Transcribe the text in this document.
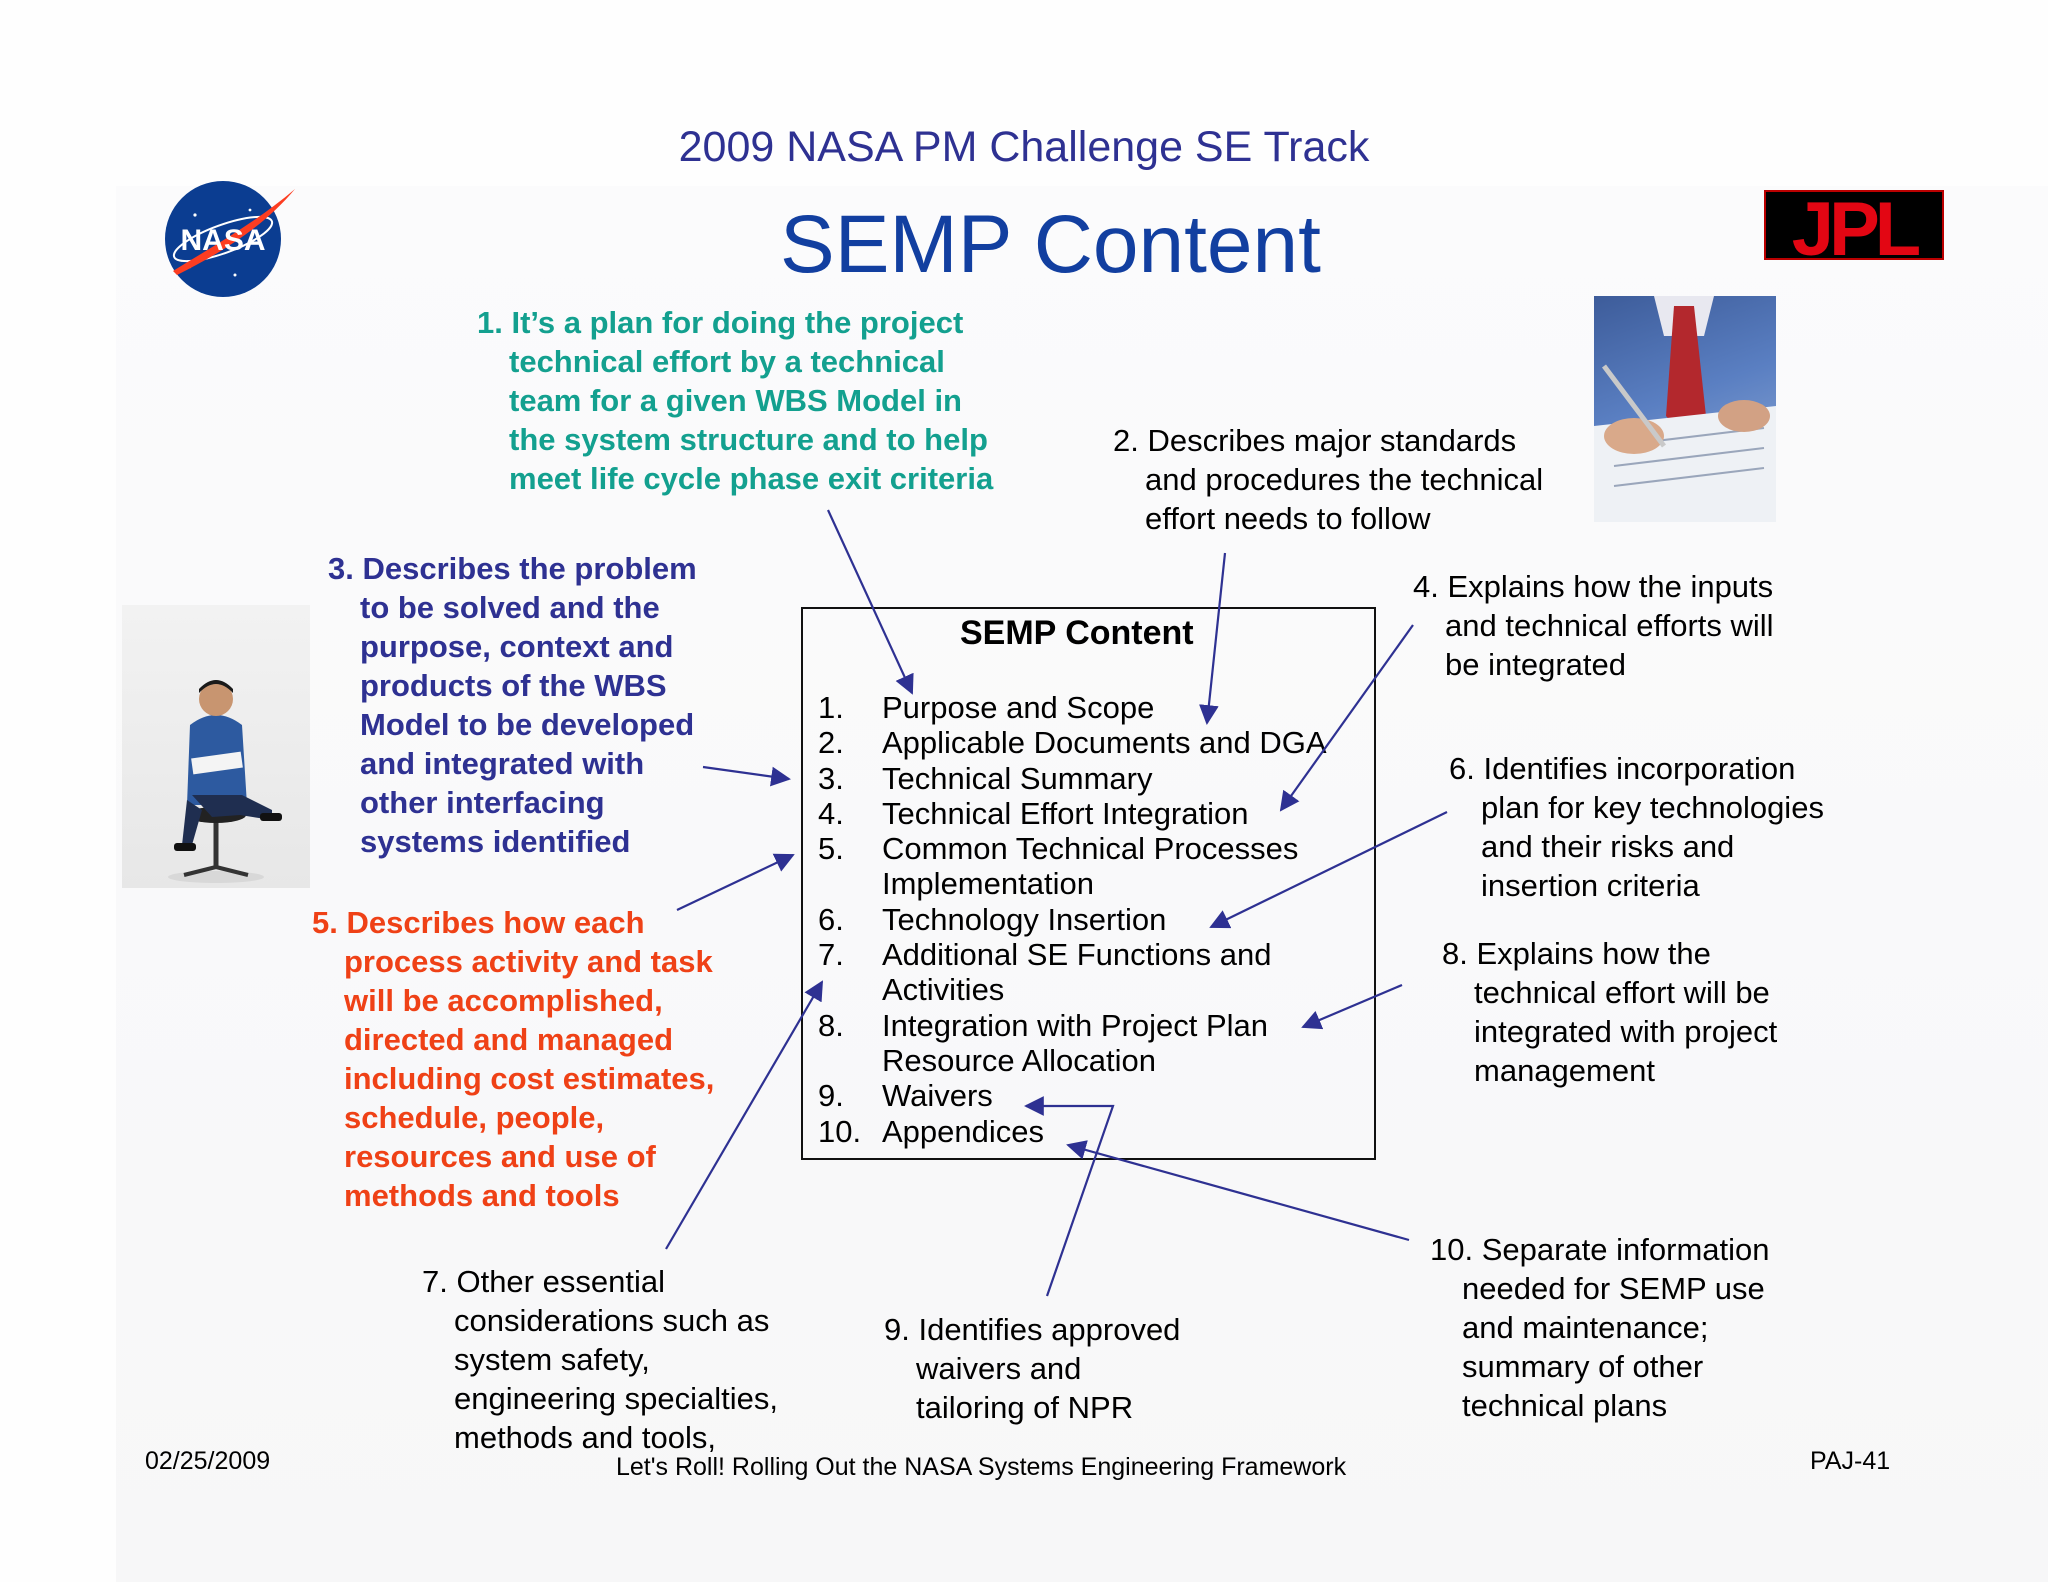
2009 NASA PM Challenge SE Track
SEMP Content
NASA	JPL
SEMP Content
1. Purpose and Scope
2. Applicable Documents and DGA
3. Technical Summary
4. Technical Effort Integration
5. Common Technical Processes
Implementation
6. Technology Insertion
7. Additional SE Functions and
Activities
8. Integration with Project Plan
Resource Allocation
9. Waivers
10. Appendices
1. It’s a plan for doing the project
technical effort by a technical
team for a given WBS Model in
the system structure and to help
meet life cycle phase exit criteria
2. Describes major standards
and procedures the technical
effort needs to follow
3. Describes the problem
to be solved and the
purpose, context and
products of the WBS
Model to be developed
and integrated with
other interfacing
systems identified
4. Explains how the inputs
and technical efforts will
be integrated
5. Describes how each
process activity and task
will be accomplished,
directed and managed
including cost estimates,
schedule, people,
resources and use of
methods and tools
6. Identifies incorporation
plan for key technologies
and their risks and
insertion criteria
7. Other essential
considerations such as
system safety,
engineering specialties,
methods and tools,
8. Explains how the
technical effort will be
integrated with project
management
9. Identifies approved
waivers and
tailoring of NPR
10. Separate information
needed for SEMP use
and maintenance;
summary of other
technical plans
02/25/2009	Let's Roll! Rolling Out the NASA Systems Engineering Framework	PAJ-41
